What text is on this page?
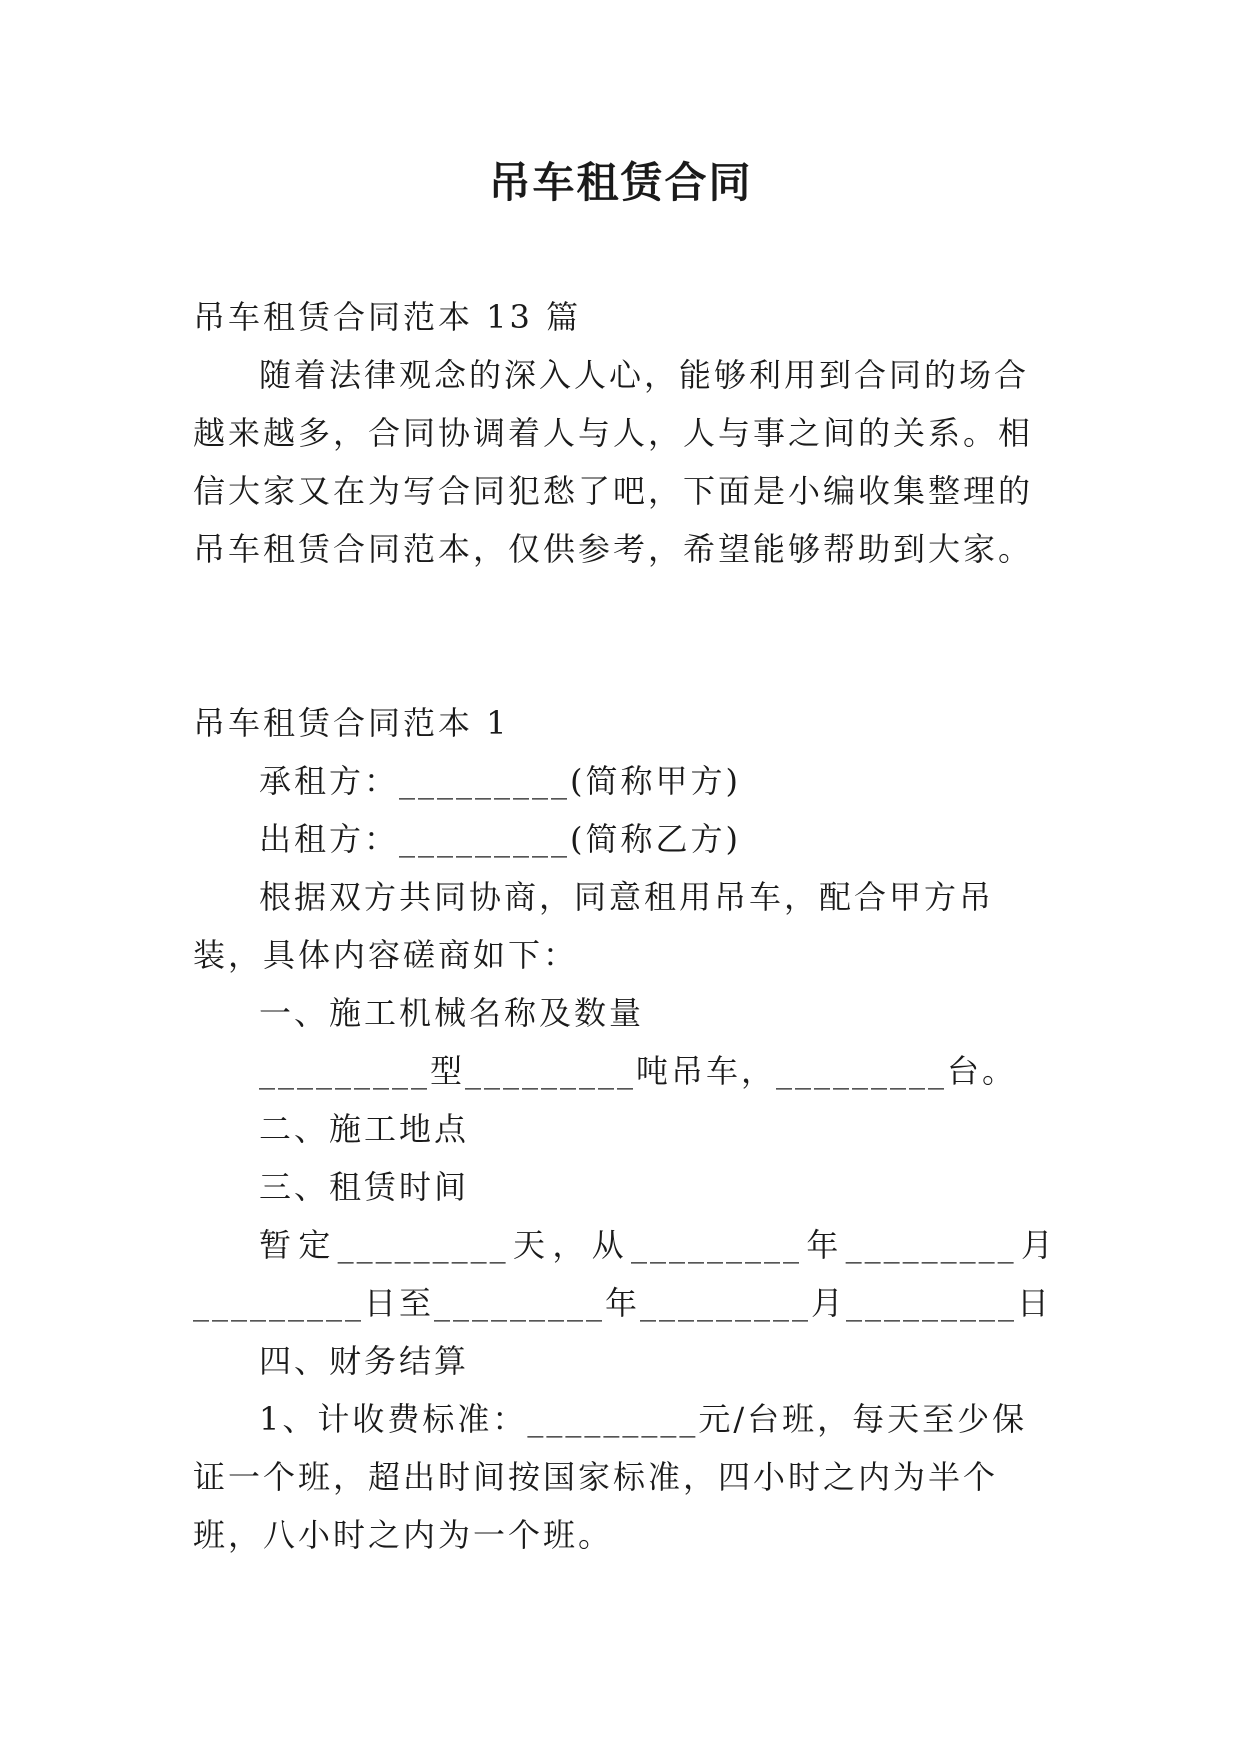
吊车租赁合同

吊车租赁合同范本 13 篇

随着法律观念的深入人心，能够利用到合同的场合越来越多，合同协调着人与人，人与事之间的关系。相信大家又在为写合同犯愁了吧，下面是小编收集整理的吊车租赁合同范本，仅供参考，希望能够帮助到大家。

吊车租赁合同范本 1

承租方：_________(简称甲方)

出租方：_________(简称乙方)

根据双方共同协商，同意租用吊车，配合甲方吊装，具体内容磋商如下：

一、施工机械名称及数量

_________型_________吨吊车，_________台。

二、施工地点

三、租赁时间

暂定_________天，从_________年_________月

_________日至_________年_________月_________日

四、财务结算

1、计收费标准：_________元/台班，每天至少保证一个班，超出时间按国家标准，四小时之内为半个班，八小时之内为一个班。
